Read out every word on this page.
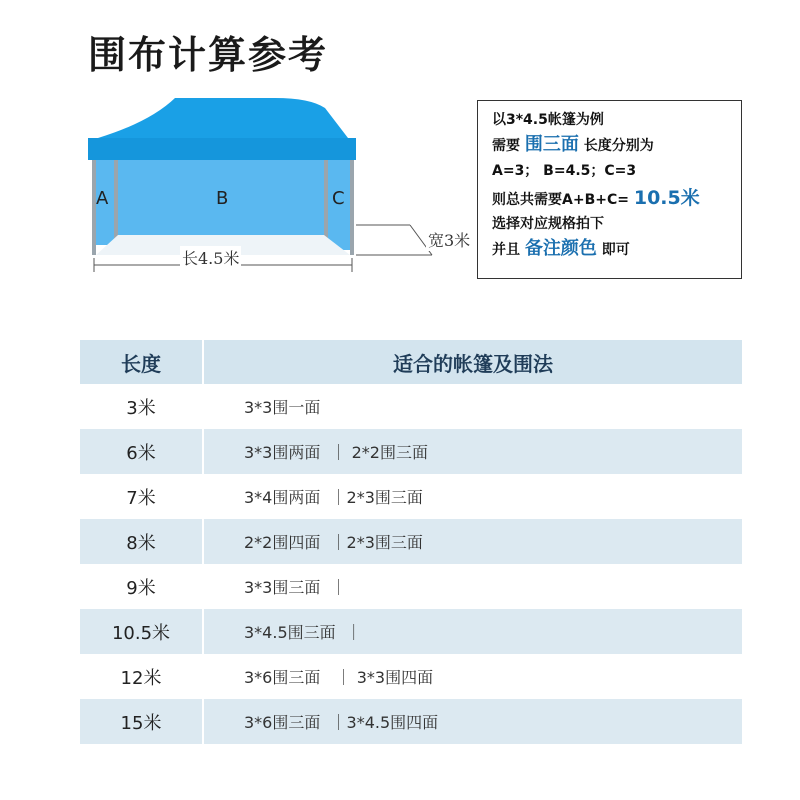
围布计算参考
A	B	C
长4.5米
宽3米
以3*4.5帐篷为例
需要 围三面 长度分别为
A=3； B=4.5；C=3
则总共需要A+B+C= 10.5米
选择对应规格拍下
并且 备注颜色 即可
长度	适合的帐篷及围法
3米	3*3围一面
6米	3*3围两面  ｜ 2*2围三面
7米	3*4围两面  ｜2*3围三面
8米	2*2围四面  ｜2*3围三面
9米	3*3围三面  ｜
10.5米	3*4.5围三面  ｜
12米	3*6围三面   ｜ 3*3围四面
15米	3*6围三面  ｜3*4.5围四面
